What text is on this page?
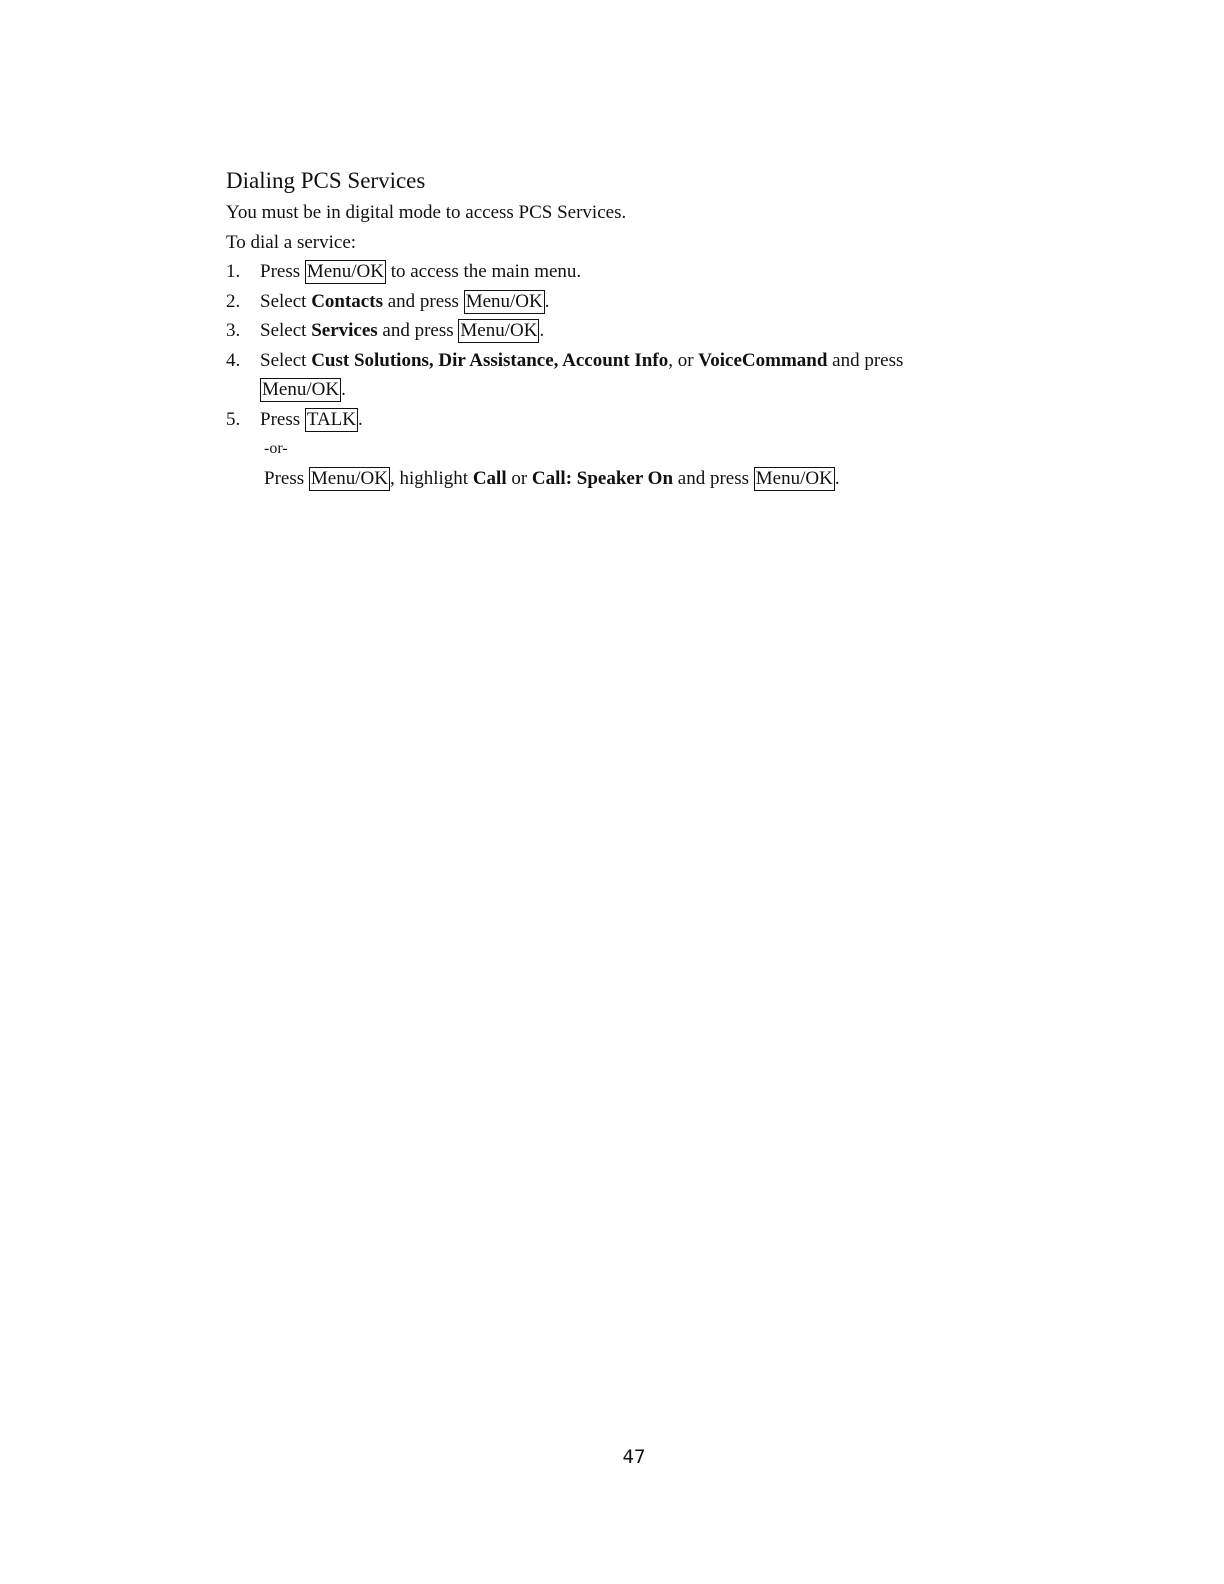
Dialing PCS Services

You must be in digital mode to access PCS Services.

To dial a service:

1. Press Menu/OK to access the main menu.
2. Select Contacts and press Menu/OK .
3. Select Services and press Menu/OK .
4. Select Cust Solutions, Dir Assistance, Account Info, or VoiceCommand and press
Menu/OK .
5. Press TALK .
-or-
Press Menu/OK , highlight Call or Call: Speaker On and press Menu/OK .
47
